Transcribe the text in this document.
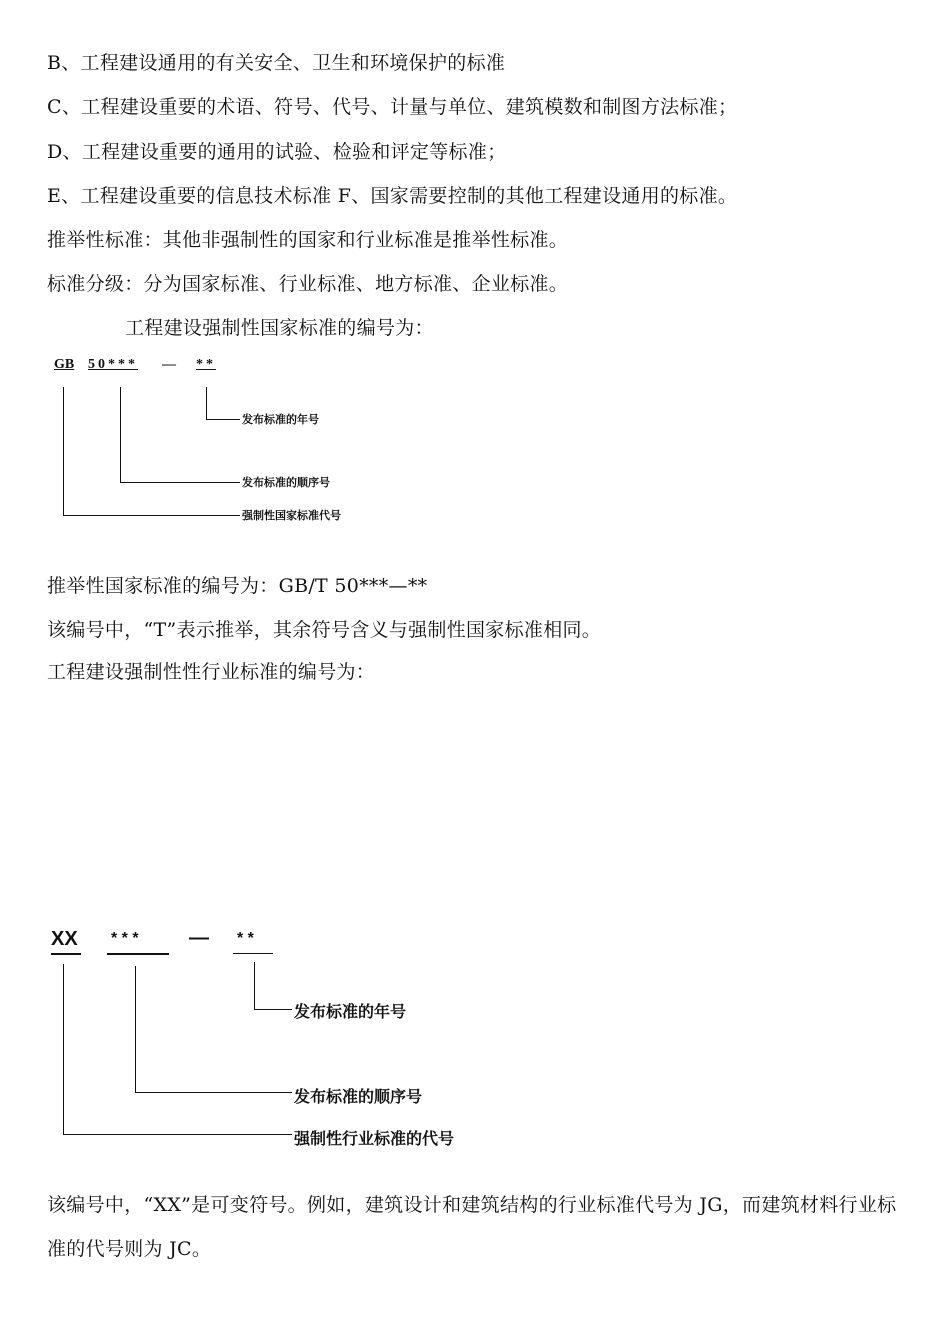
B、工程建设通用的有关安全、卫生和环境保护的标准
C、工程建设重要的术语、符号、代号、计量与单位、建筑模数和制图方法标准；
D、工程建设重要的通用的试验、检验和评定等标准；
E、工程建设重要的信息技术标准 F、国家需要控制的其他工程建设通用的标准。
推举性标准：其他非强制性的国家和行业标准是推举性标准。
标准分级：分为国家标准、行业标准、地方标准、企业标准。
工程建设强制性国家标准的编号为：
GB 50*** — **
发布标准的年号
发布标准的顺序号
强制性国家标准代号
推举性国家标准的编号为：GB/T 50***—**
该编号中，“T”表示推举，其余符号含义与强制性国家标准相同。
工程建设强制性性行业标准的编号为：
XX * * *	— * *
发布标准的年号
发布标准的顺序号
强制性行业标准的代号
该编号中，“XX”是可变符号。例如，建筑设计和建筑结构的行业标准代号为 JG，而建筑材料行业标准的代号则为 JC。
